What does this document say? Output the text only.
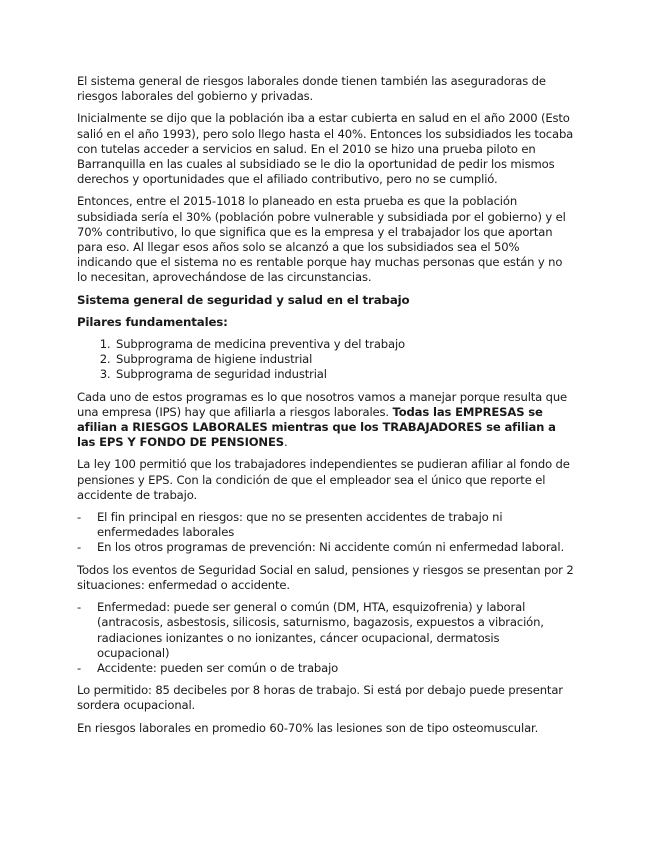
El sistema general de riesgos laborales donde tienen también las aseguradoras de riesgos laborales del gobierno y privadas.

Inicialmente se dijo que la población iba a estar cubierta en salud en el año 2000 (Esto salió en el año 1993), pero solo llego hasta el 40%. Entonces los subsidiados les tocaba con tutelas acceder a servicios en salud. En el 2010 se hizo una prueba piloto en Barranquilla en las cuales al subsidiado se le dio la oportunidad de pedir los mismos derechos y oportunidades que el afiliado contributivo, pero no se cumplió.

Entonces, entre el 2015-1018 lo planeado en esta prueba es que la población subsidiada sería el 30% (población pobre vulnerable y subsidiada por el gobierno) y el 70% contributivo, lo que significa que es la empresa y el trabajador los que aportan para eso. Al llegar esos años solo se alcanzó a que los subsidiados sea el 50% indicando que el sistema no es rentable porque hay muchas personas que están y no lo necesitan, aprovechándose de las circunstancias.

Sistema general de seguridad y salud en el trabajo
Pilares fundamentales:
1. Subprograma de medicina preventiva y del trabajo
2. Subprograma de higiene industrial
3. Subprograma de seguridad industrial

Cada uno de estos programas es lo que nosotros vamos a manejar porque resulta que una empresa (IPS) hay que afiliarla a riesgos laborales. Todas las EMPRESAS se afilian a RIESGOS LABORALES mientras que los TRABAJADORES se afilian a las EPS Y FONDO DE PENSIONES.

La ley 100 permitió que los trabajadores independientes se pudieran afiliar al fondo de pensiones y EPS. Con la condición de que el empleador sea el único que reporte el accidente de trabajo.

- El fin principal en riesgos: que no se presenten accidentes de trabajo ni enfermedades laborales
- En los otros programas de prevención: Ni accidente común ni enfermedad laboral.

Todos los eventos de Seguridad Social en salud, pensiones y riesgos se presentan por 2 situaciones: enfermedad o accidente.

- Enfermedad: puede ser general o común (DM, HTA, esquizofrenia) y laboral (antracosis, asbestosis, silicosis, saturnismo, bagazosis, expuestos a vibración, radiaciones ionizantes o no ionizantes, cáncer ocupacional, dermatosis ocupacional)
- Accidente: pueden ser común o de trabajo

Lo permitido: 85 decibeles por 8 horas de trabajo. Si está por debajo puede presentar sordera ocupacional.

En riesgos laborales en promedio 60-70% las lesiones son de tipo osteomuscular.
